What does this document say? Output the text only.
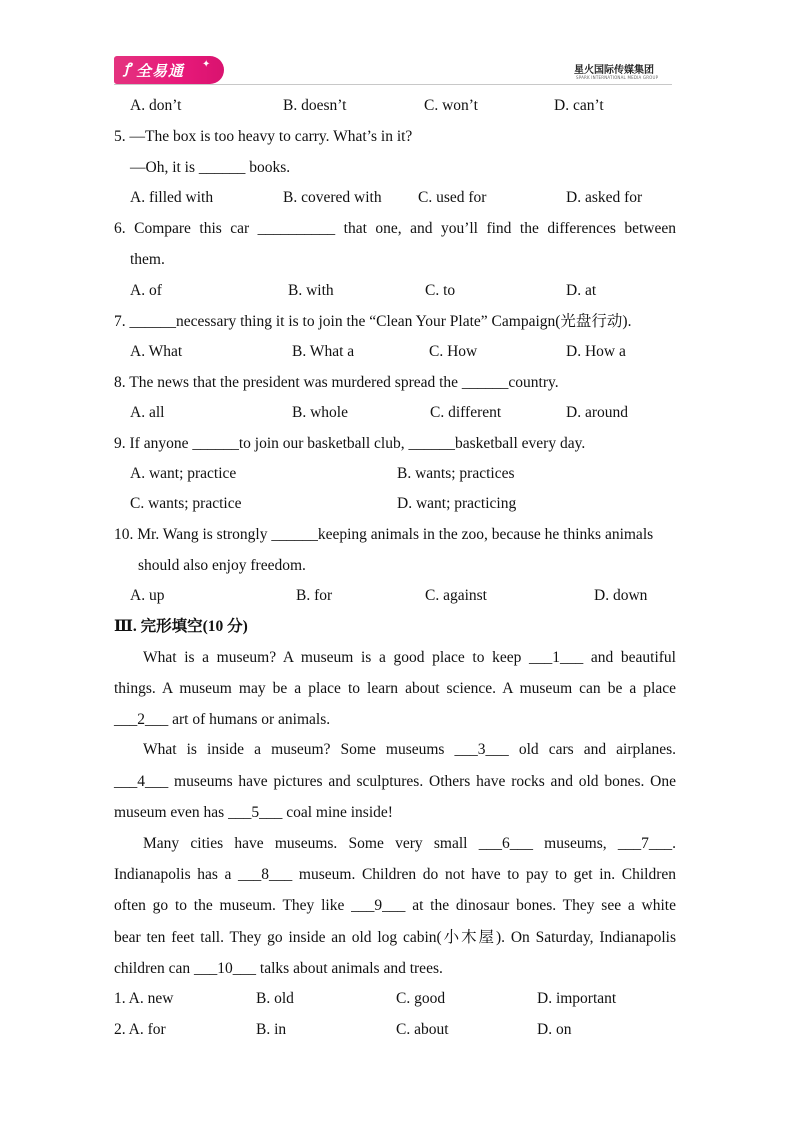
ꝭ 全易通 ✦
星火国际传媒集团
SPARK INTERNATIONAL MEDIA GROUP
A. don’t	B. doesn’t	C. won’t	D. can’t
5. —The box is too heavy to carry. What’s in it?
—Oh, it is ______ books.
A. filled with	B. covered with C. used for	D. asked for
6. Compare this car __________ that one, and you’ll find the differences between
them.
A. of	B. with	C. to	D. at
7. ______necessary thing it is to join the “Clean Your Plate” Campaign(光盘行动).
A. What	B. What a	C. How	D. How a
8. The news that the president was murdered spread the ______country.
A. all	B. whole	C. different	D. around
9. If anyone ______to join our basketball club, ______basketball every day.
A. want; practice	B. wants; practices
C. wants; practice	D. want; practicing
10. Mr. Wang is strongly ______keeping animals in the zoo, because he thinks animals
should also enjoy freedom.
A. up	B. for	C. against	D. down
Ⅲ. 完形填空(10 分)
What is a museum? A museum is a good place to keep ___1___ and beautiful
things. A museum may be a place to learn about science. A museum can be a place
___2___ art of humans or animals.
What is inside a museum? Some museums ___3___ old cars and airplanes.
___4___ museums have pictures and sculptures. Others have rocks and old bones. One
museum even has ___5___ coal mine inside!
Many cities have museums. Some very small ___6___ museums, ___7___.
Indianapolis has a ___8___ museum. Children do not have to pay to get in. Children
often go to the museum. They like ___9___ at the dinosaur bones. They see a white
bear ten feet tall. They go inside an old log cabin(小木屋). On Saturday, Indianapolis
children can ___10___ talks about animals and trees.
1. A. new	B. old	C. good	D. important
2. A. for	B. in	C. about	D. on
